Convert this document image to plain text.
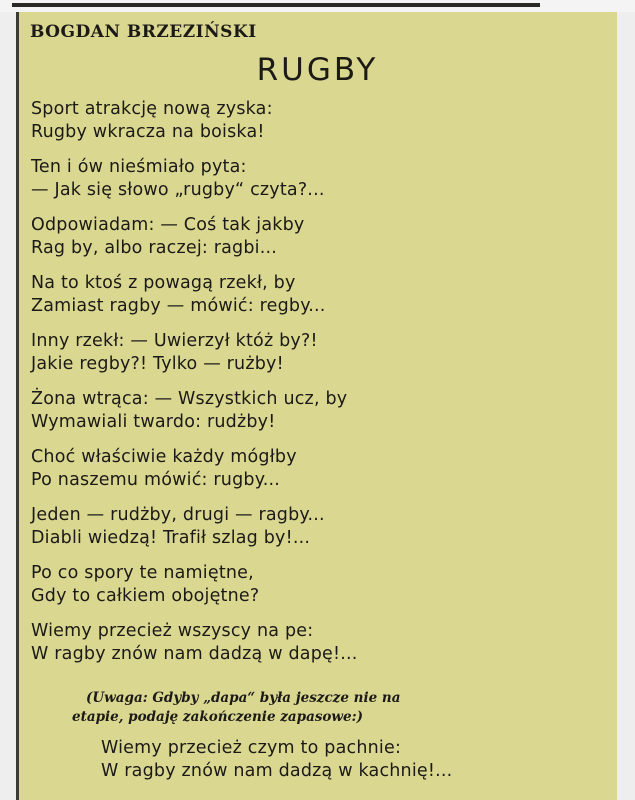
BOGDAN BRZEZIŃSKI
RUGBY
Sport atrakcję nową zyska:
Rugby wkracza na boiska!
Ten i ów nieśmiało pyta:
— Jak się słowo „rugby“ czyta?...
Odpowiadam: — Coś tak jakby
Rag by, albo raczej: ragbi...
Na to ktoś z powagą rzekł, by
Zamiast ragby — mówić: regby...
Inny rzekł: — Uwierzył któż by?!
Jakie regby?! Tylko — rużby!
Żona wtrąca: — Wszystkich ucz, by
Wymawiali twardo: rudżby!
Choć właściwie każdy mógłby
Po naszemu mówić: rugby...
Jeden — rudżby, drugi — ragby...
Diabli wiedzą! Trafił szlag by!...
Po co spory te namiętne,
Gdy to całkiem obojętne?
Wiemy przecież wszyscy na pe:
W ragby znów nam dadzą w dapę!...
(Uwaga: Gdyby „dapa“ była jeszcze nie na
etapie, podaję zakończenie zapasowe:)
Wiemy przecież czym to pachnie:
W ragby znów nam dadzą w kachnię!...
